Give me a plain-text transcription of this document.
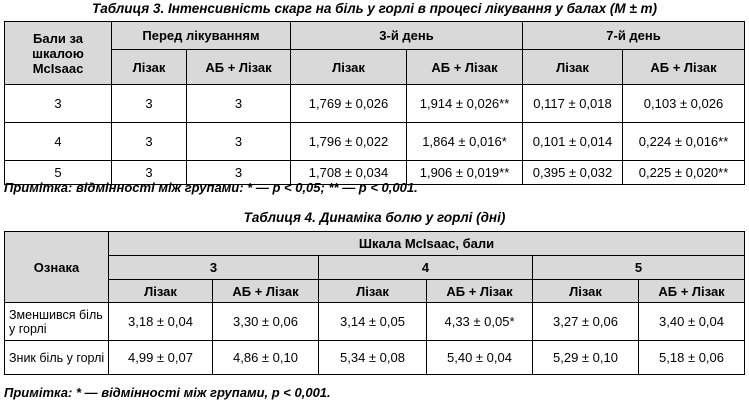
Таблиця 3. Інтенсивність скарг на біль у горлі в процесі лікування у балах (M ± m)
Бали за шкалою McIsaac	Перед лікуванням		3-й день		7-й день	
	Лізак	АБ + Лізак	Лізак	АБ + Лізак	Лізак	АБ + Лізак
3	3	3	1,769 ± 0,026	1,914 ± 0,026**	0,117 ± 0,018	0,103 ± 0,026
4	3	3	1,796 ± 0,022	1,864 ± 0,016*	0,101 ± 0,014	0,224 ± 0,016**
5	3	3	1,708 ± 0,034	1,906 ± 0,019**	0,395 ± 0,032	0,225 ± 0,020**
Примітка: відмінності між групами: * — p < 0,05; ** — p < 0,001.
Таблиця 4. Динаміка болю у горлі (дні)
Ознака	Шкала McIsaac, бали					
	3		4		5	
	Лізак	АБ + Лізак	Лізак	АБ + Лізак	Лізак	АБ + Лізак
Зменшився біль у горлі	3,18 ± 0,04	3,30 ± 0,06	3,14 ± 0,05	4,33 ± 0,05*	3,27 ± 0,06	3,40 ± 0,04
Зник біль у горлі	4,99 ± 0,07	4,86 ± 0,10	5,34 ± 0,08	5,40 ± 0,04	5,29 ± 0,10	5,18 ± 0,06
Примітка: * — відмінності між групами, p < 0,001.
